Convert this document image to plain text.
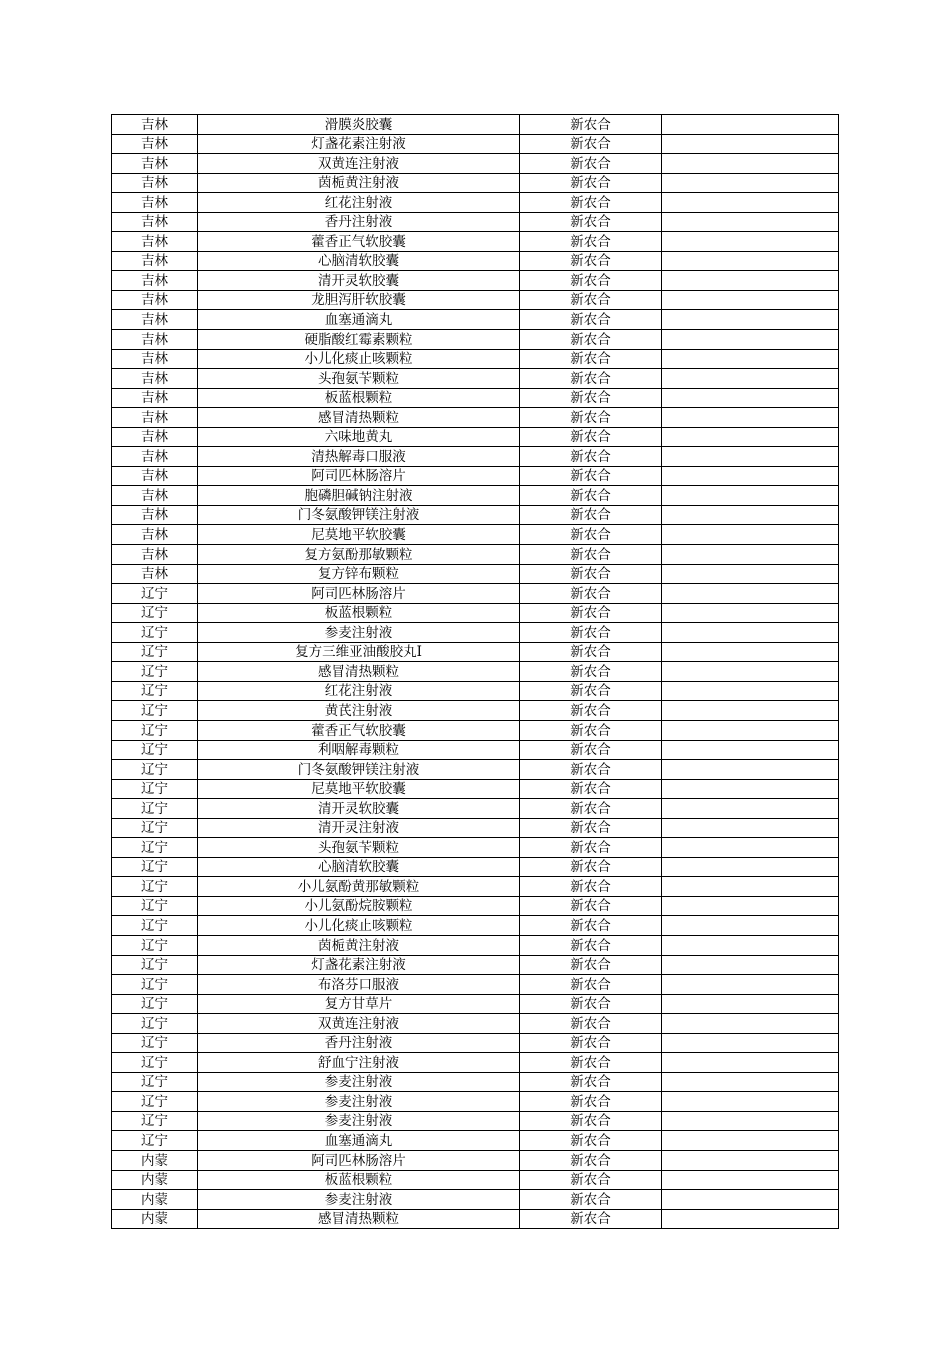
吉林	滑膜炎胶囊	新农合	
吉林	灯盏花素注射液	新农合	
吉林	双黄连注射液	新农合	
吉林	茵栀黄注射液	新农合	
吉林	红花注射液	新农合	
吉林	香丹注射液	新农合	
吉林	藿香正气软胶囊	新农合	
吉林	心脑清软胶囊	新农合	
吉林	清开灵软胶囊	新农合	
吉林	龙胆泻肝软胶囊	新农合	
吉林	血塞通滴丸	新农合	
吉林	硬脂酸红霉素颗粒	新农合	
吉林	小儿化痰止咳颗粒	新农合	
吉林	头孢氨苄颗粒	新农合	
吉林	板蓝根颗粒	新农合	
吉林	感冒清热颗粒	新农合	
吉林	六味地黄丸	新农合	
吉林	清热解毒口服液	新农合	
吉林	阿司匹林肠溶片	新农合	
吉林	胞磷胆碱钠注射液	新农合	
吉林	门冬氨酸钾镁注射液	新农合	
吉林	尼莫地平软胶囊	新农合	
吉林	复方氨酚那敏颗粒	新农合	
吉林	复方锌布颗粒	新农合	
辽宁	阿司匹林肠溶片	新农合	
辽宁	板蓝根颗粒	新农合	
辽宁	参麦注射液	新农合	
辽宁	复方三维亚油酸胶丸I	新农合	
辽宁	感冒清热颗粒	新农合	
辽宁	红花注射液	新农合	
辽宁	黄芪注射液	新农合	
辽宁	藿香正气软胶囊	新农合	
辽宁	利咽解毒颗粒	新农合	
辽宁	门冬氨酸钾镁注射液	新农合	
辽宁	尼莫地平软胶囊	新农合	
辽宁	清开灵软胶囊	新农合	
辽宁	清开灵注射液	新农合	
辽宁	头孢氨苄颗粒	新农合	
辽宁	心脑清软胶囊	新农合	
辽宁	小儿氨酚黄那敏颗粒	新农合	
辽宁	小儿氨酚烷胺颗粒	新农合	
辽宁	小儿化痰止咳颗粒	新农合	
辽宁	茵栀黄注射液	新农合	
辽宁	灯盏花素注射液	新农合	
辽宁	布洛芬口服液	新农合	
辽宁	复方甘草片	新农合	
辽宁	双黄连注射液	新农合	
辽宁	香丹注射液	新农合	
辽宁	舒血宁注射液	新农合	
辽宁	参麦注射液	新农合	
辽宁	参麦注射液	新农合	
辽宁	参麦注射液	新农合	
辽宁	血塞通滴丸	新农合	
内蒙	阿司匹林肠溶片	新农合	
内蒙	板蓝根颗粒	新农合	
内蒙	参麦注射液	新农合	
内蒙	感冒清热颗粒	新农合	
